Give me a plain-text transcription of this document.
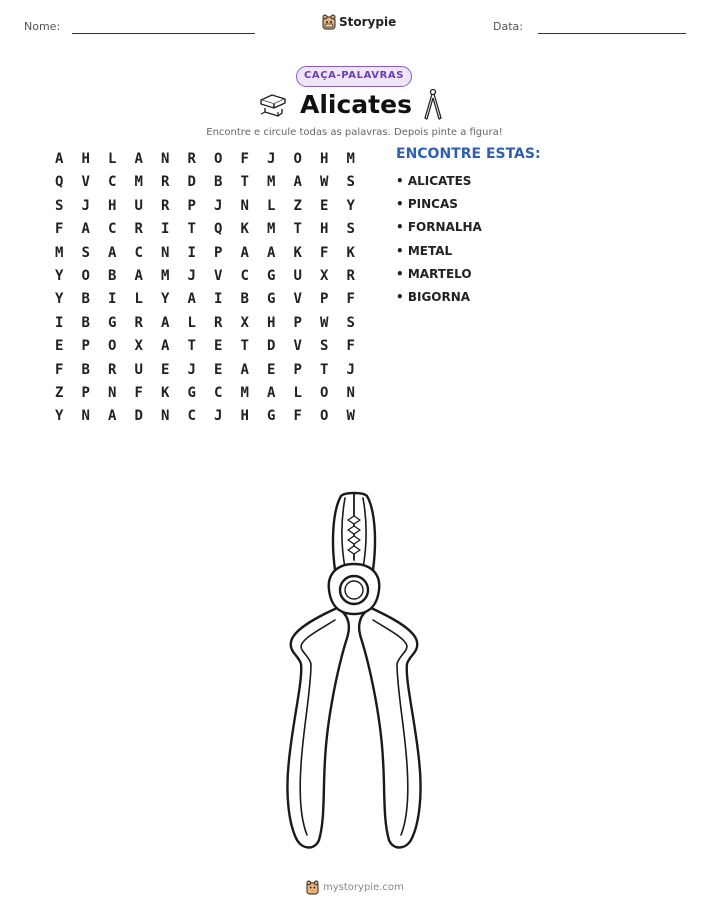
Nome:	Storypie	Data:
CAÇA-PALAVRAS
Alicates
Encontre e circule todas as palavras. Depois pinte a figura!
A	H	L	A	N	R	O	F	J	O	H	M
Q	V	C	M	R	D	B	T	M	A	W	S
S	J	H	U	R	P	J	N	L	Z	E	Y
F	A	C	R	I	T	Q	K	M	T	H	S
M	S	A	C	N	I	P	A	A	K	F	K
Y	O	B	A	M	J	V	C	G	U	X	R
Y	B	I	L	Y	A	I	B	G	V	P	F
I	B	G	R	A	L	R	X	H	P	W	S
E	P	O	X	A	T	E	T	D	V	S	F
F	B	R	U	E	J	E	A	E	P	T	J
Z	P	N	F	K	G	C	M	A	L	O	N
Y	N	A	D	N	C	J	H	G	F	O	W
ENCONTRE ESTAS:
• ALICATES
• PINCAS
• FORNALHA
• METAL
• MARTELO
• BIGORNA
mystorypie.com
